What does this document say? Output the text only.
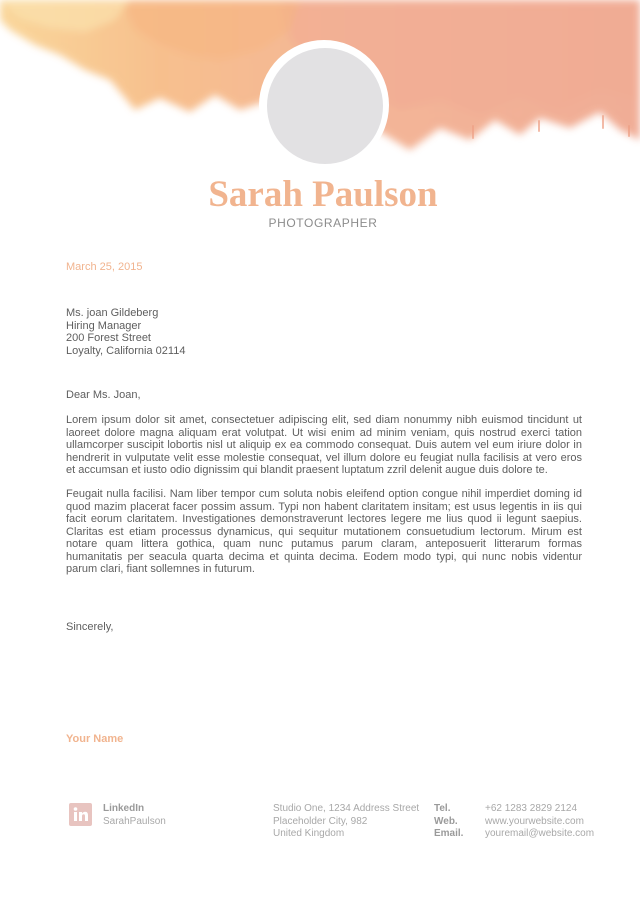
Sarah Paulson
PHOTOGRAPHER
March 25, 2015
Ms. joan Gildeberg
Hiring Manager
200 Forest Street
Loyalty, California 02114
Dear Ms. Joan,
Lorem ipsum dolor sit amet, consectetuer adipiscing elit, sed diam nonummy nibh euismod tincidunt ut laoreet dolore magna aliquam erat volutpat. Ut wisi enim ad minim veniam, quis nostrud exerci tation ullamcorper suscipit lobortis nisl ut aliquip ex ea commodo consequat. Duis autem vel eum iriure dolor in hendrerit in vulputate velit esse molestie consequat, vel illum dolore eu feugiat nulla facilisis at vero eros et accumsan et iusto odio dignissim qui blandit praesent luptatum zzril delenit augue duis dolore te.
Feugait nulla facilisi. Nam liber tempor cum soluta nobis eleifend option congue nihil imperdiet doming id quod mazim placerat facer possim assum. Typi non habent claritatem insitam; est usus legentis in iis qui facit eorum claritatem. Investigationes demonstraverunt lectores legere me lius quod ii legunt saepius. Claritas est etiam processus dynamicus, qui sequitur mutationem consuetudium lectorum. Mirum est notare quam littera gothica, quam nunc putamus parum claram, anteposuerit litterarum formas humanitatis per seacula quarta decima et quinta decima. Eodem modo typi, qui nunc nobis videntur parum clari, fiant sollemnes in futurum.
Sincerely,
Your Name
LinkedIn
SarahPaulson
Studio One, 1234 Address Street
Placeholder City, 982
United Kingdom
Tel.
Web.
Email.
+62 1283 2829 2124
www.yourwebsite.com
youremail@website.com
